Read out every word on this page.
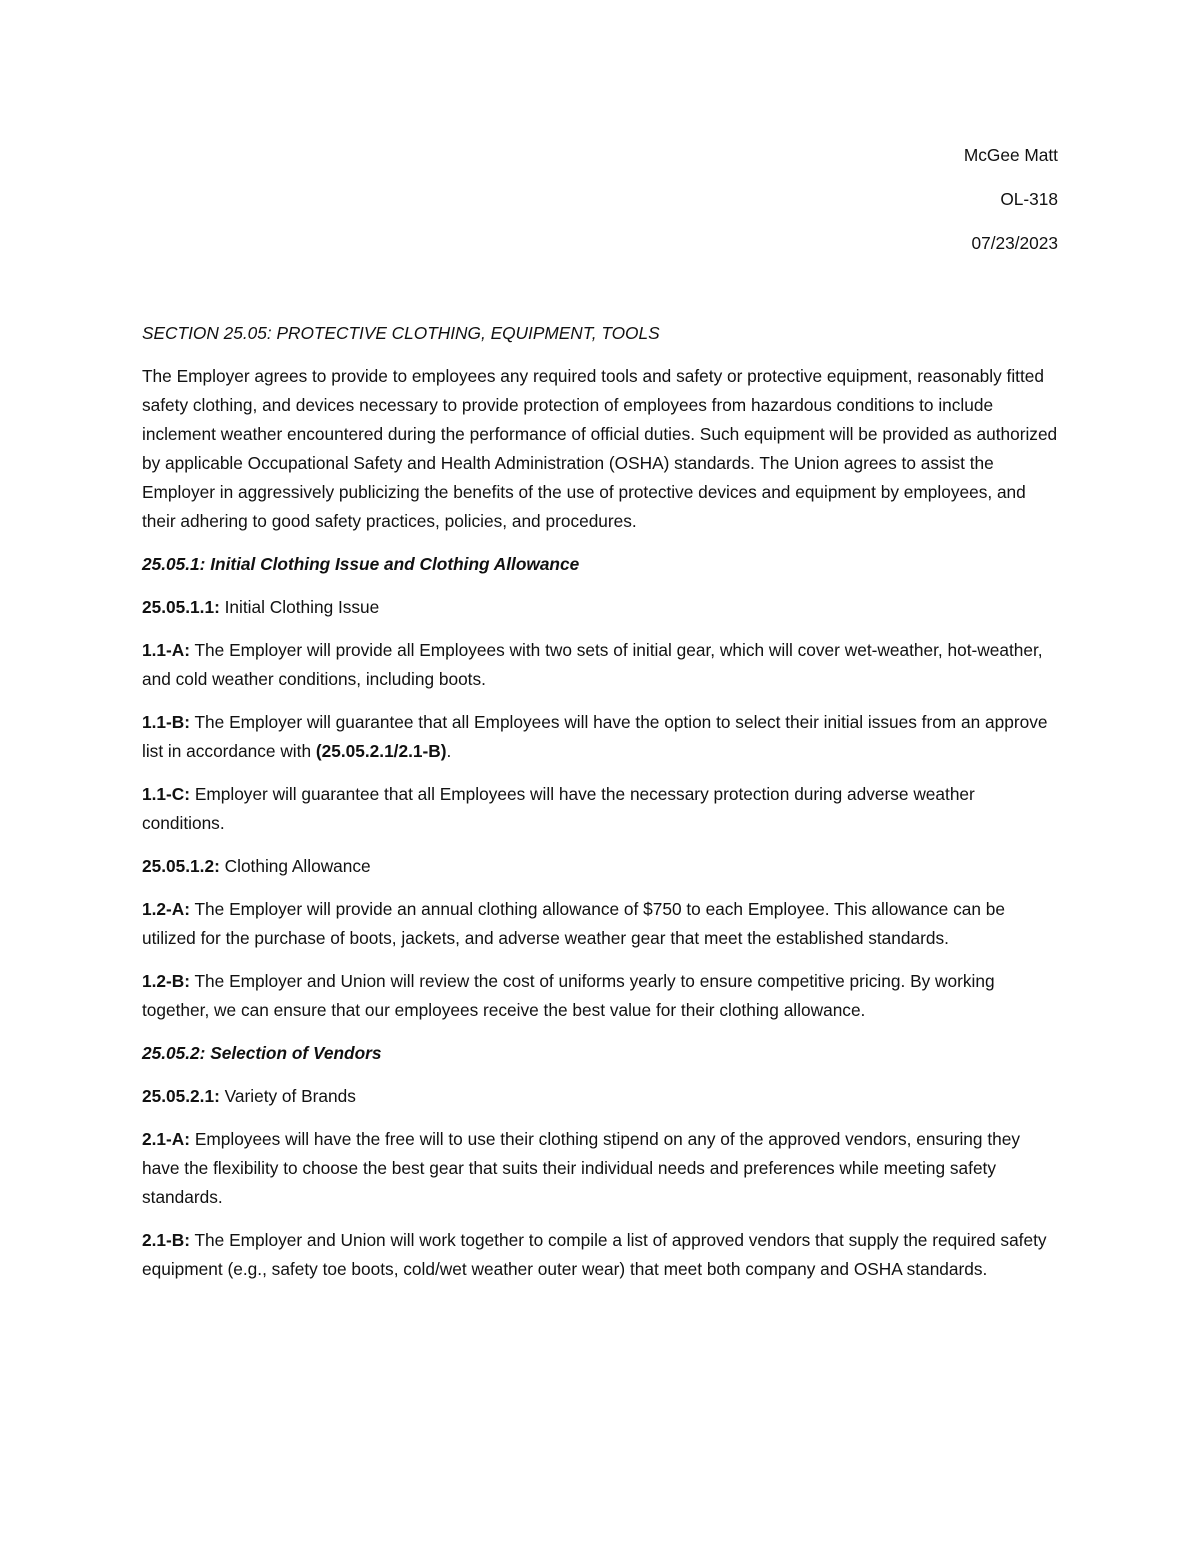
McGee Matt

OL-318

07/23/2023

SECTION 25.05: PROTECTIVE CLOTHING, EQUIPMENT, TOOLS

The Employer agrees to provide to employees any required tools and safety or protective equipment, reasonably fitted safety clothing, and devices necessary to provide protection of employees from hazardous conditions to include inclement weather encountered during the performance of official duties. Such equipment will be provided as authorized by applicable Occupational Safety and Health Administration (OSHA) standards. The Union agrees to assist the Employer in aggressively publicizing the benefits of the use of protective devices and equipment by employees, and their adhering to good safety practices, policies, and procedures.

25.05.1: Initial Clothing Issue and Clothing Allowance

25.05.1.1: Initial Clothing Issue

1.1-A: The Employer will provide all Employees with two sets of initial gear, which will cover wet-weather, hot-weather, and cold weather conditions, including boots.

1.1-B: The Employer will guarantee that all Employees will have the option to select their initial issues from an approve list in accordance with (25.05.2.1/2.1-B).

1.1-C: Employer will guarantee that all Employees will have the necessary protection during adverse weather conditions.

25.05.1.2: Clothing Allowance

1.2-A: The Employer will provide an annual clothing allowance of $750 to each Employee. This allowance can be utilized for the purchase of boots, jackets, and adverse weather gear that meet the established standards.

1.2-B: The Employer and Union will review the cost of uniforms yearly to ensure competitive pricing. By working together, we can ensure that our employees receive the best value for their clothing allowance.

25.05.2: Selection of Vendors

25.05.2.1: Variety of Brands

2.1-A: Employees will have the free will to use their clothing stipend on any of the approved vendors, ensuring they have the flexibility to choose the best gear that suits their individual needs and preferences while meeting safety standards.

2.1-B: The Employer and Union will work together to compile a list of approved vendors that supply the required safety equipment (e.g., safety toe boots, cold/wet weather outer wear) that meet both company and OSHA standards.
